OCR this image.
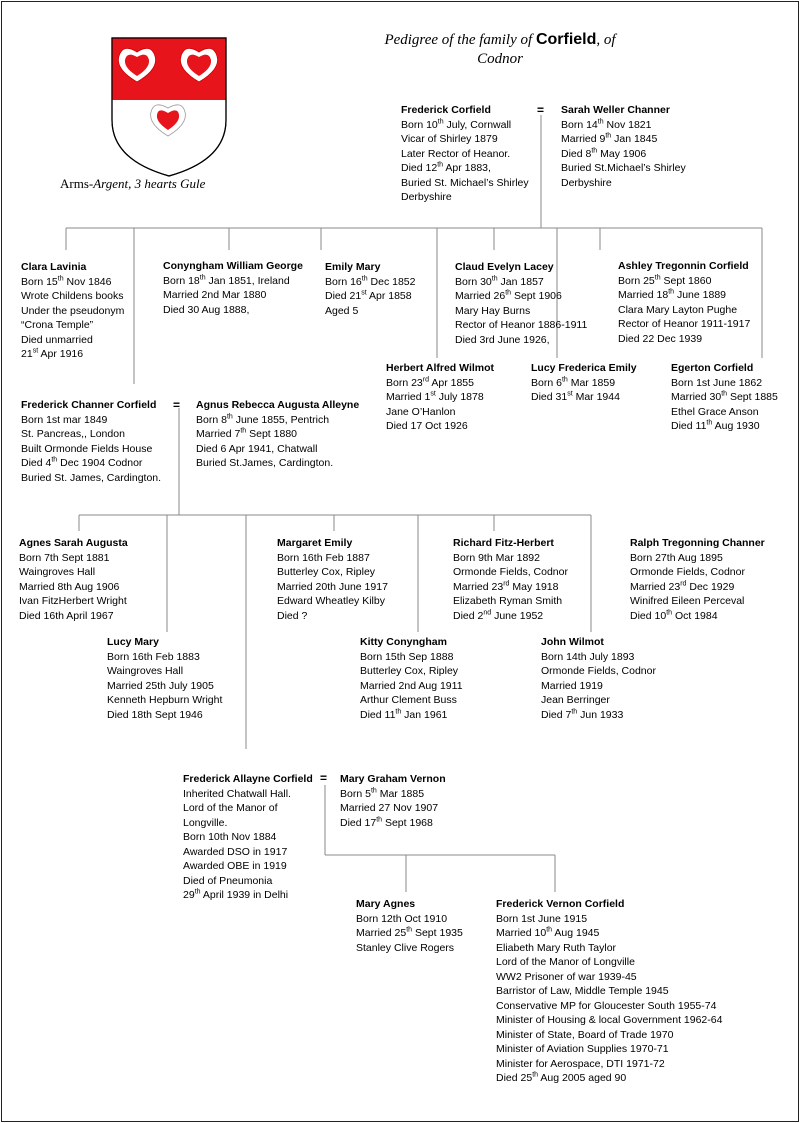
Pedigree of the family of Corfield, of
Codnor
Arms-Argent, 3 hearts Gule
=
=
=
Frederick Corfield
Born 10th July, Cornwall
Vicar of Shirley 1879
Later Rector of Heanor.
Died 12th Apr 1883,
Buried St. Michael’s Shirley
Derbyshire
Sarah Weller Channer
Born 14th Nov 1821
Married 9th Jan 1845
Died 8th May 1906
Buried St.Michael’s Shirley
Derbyshire
Clara Lavinia
Born 15th Nov 1846
Wrote Childens books
Under the pseudonym
“Crona Temple”
Died unmarried
21st Apr 1916
Conyngham William George
Born 18th Jan 1851, Ireland
Married 2nd Mar 1880
Died 30 Aug 1888,
Emily Mary
Born 16th Dec 1852
Died 21st Apr 1858
Aged 5
Claud Evelyn Lacey
Born 30th Jan 1857
Married 26th Sept 1906
Mary Hay Burns
Rector of Heanor 1886-1911
Died 3rd June 1926,
Ashley Tregonnin Corfield
Born 25th Sept 1860
Married 18th June 1889
Clara Mary Layton Pughe
Rector of Heanor 1911-1917
Died 22 Dec 1939
Herbert Alfred Wilmot
Born 23rd Apr 1855
Married 1st July 1878
Jane O’Hanlon
Died 17 Oct 1926
Lucy Frederica Emily
Born 6th Mar 1859
Died 31st Mar 1944
Egerton Corfield
Born 1st June 1862
Married 30th Sept 1885
Ethel Grace Anson
Died 11th Aug 1930
Frederick Channer Corfield
Born 1st mar 1849
St. Pancreas,, London
Built Ormonde Fields House
Died 4th Dec 1904 Codnor
Buried St. James, Cardington.
Agnus Rebecca Augusta Alleyne
Born 8th June 1855, Pentrich
Married 7th Sept 1880
Died 6 Apr 1941, Chatwall
Buried St.James, Cardington.
Agnes Sarah Augusta
Born 7th Sept 1881
Waingroves Hall
Married 8th Aug 1906
Ivan FitzHerbert Wright
Died 16th April 1967
Margaret Emily
Born 16th Feb 1887
Butterley Cox, Ripley
Married 20th June 1917
Edward Wheatley Kilby
Died ?
Richard Fitz-Herbert
Born 9th Mar 1892
Ormonde Fields, Codnor
Married 23rd May 1918
Elizabeth Ryman Smith
Died 2nd June 1952
Ralph Tregonning Channer
Born 27th Aug 1895
Ormonde Fields, Codnor
Married 23rd Dec 1929
Winifred Eileen Perceval
Died 10th Oct 1984
Lucy Mary
Born 16th Feb 1883
Waingroves Hall
Married 25th July 1905
Kenneth Hepburn Wright
Died 18th Sept 1946
Kitty Conyngham
Born 15th Sep 1888
Butterley Cox, Ripley
Married 2nd Aug 1911
Arthur Clement Buss
Died 11th Jan 1961
John Wilmot
Born 14th July 1893
Ormonde Fields, Codnor
Married 1919
Jean Berringer
Died 7th Jun 1933
Frederick Allayne Corfield
Inherited Chatwall Hall.
Lord of the Manor of
Longville.
Born 10th Nov 1884
Awarded DSO in 1917
Awarded OBE in 1919
Died of Pneumonia
29th April 1939 in Delhi
Mary Graham Vernon
Born 5th Mar 1885
Married 27 Nov 1907
Died 17th Sept 1968
Mary Agnes
Born 12th Oct 1910
Married 25th Sept 1935
Stanley Clive Rogers
Frederick Vernon Corfield
Born 1st June 1915
Married 10th Aug 1945
Eliabeth Mary Ruth Taylor
Lord of the Manor of Longville
WW2 Prisoner of war 1939-45
Barristor of Law, Middle Temple 1945
Conservative MP for Gloucester South 1955-74
Minister of Housing & local Government 1962-64
Minister of State, Board of Trade 1970
Minister of Aviation Supplies 1970-71
Minister for Aerospace, DTI 1971-72
Died 25th Aug 2005 aged 90
